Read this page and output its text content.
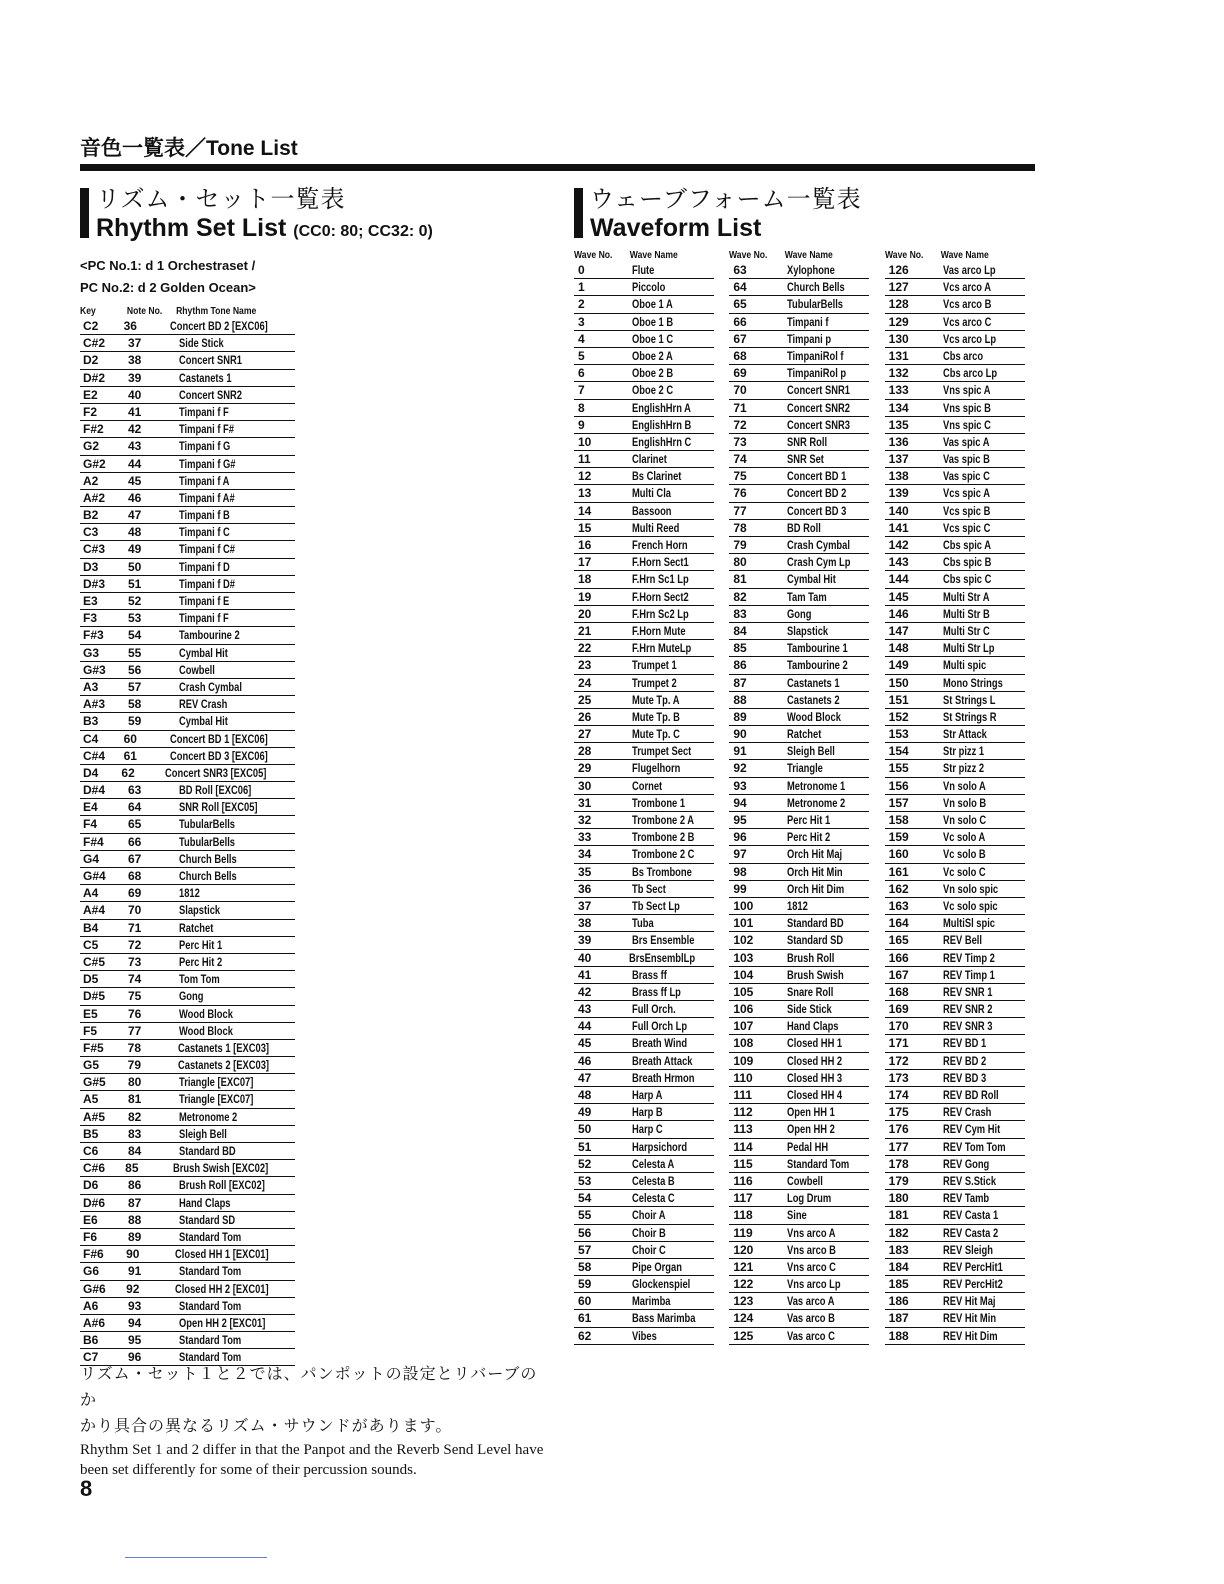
音色一覧表／Tone List
リズム・セット一覧表
Rhythm Set List (CC0: 80; CC32: 0)
<PC No.1: d 1 Orchestraset /
PC No.2: d 2 Golden Ocean>
Key	Note No.	Rhythm Tone Name
C2	36	Concert BD 2 [EXC06]
C#2	37	Side Stick
D2	38	Concert SNR1
D#2	39	Castanets 1
E2	40	Concert SNR2
F2	41	Timpani f F
F#2	42	Timpani f F#
G2	43	Timpani f G
G#2	44	Timpani f G#
A2	45	Timpani f A
A#2	46	Timpani f A#
B2	47	Timpani f B
C3	48	Timpani f C
C#3	49	Timpani f C#
D3	50	Timpani f D
D#3	51	Timpani f D#
E3	52	Timpani f E
F3	53	Timpani f F
F#3	54	Tambourine 2
G3	55	Cymbal Hit
G#3	56	Cowbell
A3	57	Crash Cymbal
A#3	58	REV Crash
B3	59	Cymbal Hit
C4	60	Concert BD 1 [EXC06]
C#4	61	Concert BD 3 [EXC06]
D4	62	Concert SNR3 [EXC05]
D#4	63	BD Roll [EXC06]
E4	64	SNR Roll [EXC05]
F4	65	TubularBells
F#4	66	TubularBells
G4	67	Church Bells
G#4	68	Church Bells
A4	69	1812
A#4	70	Slapstick
B4	71	Ratchet
C5	72	Perc Hit 1
C#5	73	Perc Hit 2
D5	74	Tom Tom
D#5	75	Gong
E5	76	Wood Block
F5	77	Wood Block
F#5	78	Castanets 1 [EXC03]
G5	79	Castanets 2 [EXC03]
G#5	80	Triangle [EXC07]
A5	81	Triangle [EXC07]
A#5	82	Metronome 2
B5	83	Sleigh Bell
C6	84	Standard BD
C#6	85	Brush Swish [EXC02]
D6	86	Brush Roll [EXC02]
D#6	87	Hand Claps
E6	88	Standard SD
F6	89	Standard Tom
F#6	90	Closed HH 1 [EXC01]
G6	91	Standard Tom
G#6	92	Closed HH 2 [EXC01]
A6	93	Standard Tom
A#6	94	Open HH 2 [EXC01]
B6	95	Standard Tom
C7	96	Standard Tom
ウェーブフォーム一覧表
Waveform List
Wave No.	Wave Name
0	Flute
1	Piccolo
2	Oboe 1 A
3	Oboe 1 B
4	Oboe 1 C
5	Oboe 2 A
6	Oboe 2 B
7	Oboe 2 C
8	EnglishHrn A
9	EnglishHrn B
10	EnglishHrn C
11	Clarinet
12	Bs Clarinet
13	Multi Cla
14	Bassoon
15	Multi Reed
16	French Horn
17	F.Horn Sect1
18	F.Hrn Sc1 Lp
19	F.Horn Sect2
20	F.Hrn Sc2 Lp
21	F.Horn Mute
22	F.Hrn MuteLp
23	Trumpet 1
24	Trumpet 2
25	Mute Tp. A
26	Mute Tp. B
27	Mute Tp. C
28	Trumpet Sect
29	Flugelhorn
30	Cornet
31	Trombone 1
32	Trombone 2 A
33	Trombone 2 B
34	Trombone 2 C
35	Bs Trombone
36	Tb Sect
37	Tb Sect Lp
38	Tuba
39	Brs Ensemble
40	BrsEnsemblLp
41	Brass ff
42	Brass ff Lp
43	Full Orch.
44	Full Orch Lp
45	Breath Wind
46	Breath Attack
47	Breath Hrmon
48	Harp A
49	Harp B
50	Harp C
51	Harpsichord
52	Celesta A
53	Celesta B
54	Celesta C
55	Choir A
56	Choir B
57	Choir C
58	Pipe Organ
59	Glockenspiel
60	Marimba
61	Bass Marimba
62	Vibes
Wave No.	Wave Name
63	Xylophone
64	Church Bells
65	TubularBells
66	Timpani f
67	Timpani p
68	TimpaniRol f
69	TimpaniRol p
70	Concert SNR1
71	Concert SNR2
72	Concert SNR3
73	SNR Roll
74	SNR Set
75	Concert BD 1
76	Concert BD 2
77	Concert BD 3
78	BD Roll
79	Crash Cymbal
80	Crash Cym Lp
81	Cymbal Hit
82	Tam Tam
83	Gong
84	Slapstick
85	Tambourine 1
86	Tambourine 2
87	Castanets 1
88	Castanets 2
89	Wood Block
90	Ratchet
91	Sleigh Bell
92	Triangle
93	Metronome 1
94	Metronome 2
95	Perc Hit 1
96	Perc Hit 2
97	Orch Hit Maj
98	Orch Hit Min
99	Orch Hit Dim
100	1812
101	Standard BD
102	Standard SD
103	Brush Roll
104	Brush Swish
105	Snare Roll
106	Side Stick
107	Hand Claps
108	Closed HH 1
109	Closed HH 2
110	Closed HH 3
111	Closed HH 4
112	Open HH 1
113	Open HH 2
114	Pedal HH
115	Standard Tom
116	Cowbell
117	Log Drum
118	Sine
119	Vns arco A
120	Vns arco B
121	Vns arco C
122	Vns arco Lp
123	Vas arco A
124	Vas arco B
125	Vas arco C
Wave No.	Wave Name
126	Vas arco Lp
127	Vcs arco A
128	Vcs arco B
129	Vcs arco C
130	Vcs arco Lp
131	Cbs arco
132	Cbs arco Lp
133	Vns spic A
134	Vns spic B
135	Vns spic C
136	Vas spic A
137	Vas spic B
138	Vas spic C
139	Vcs spic A
140	Vcs spic B
141	Vcs spic C
142	Cbs spic A
143	Cbs spic B
144	Cbs spic C
145	Multi Str A
146	Multi Str B
147	Multi Str C
148	Multi Str Lp
149	Multi spic
150	Mono Strings
151	St Strings L
152	St Strings R
153	Str Attack
154	Str pizz 1
155	Str pizz 2
156	Vn solo A
157	Vn solo B
158	Vn solo C
159	Vc solo A
160	Vc solo B
161	Vc solo C
162	Vn solo spic
163	Vc solo spic
164	MultiSl spic
165	REV Bell
166	REV Timp 2
167	REV Timp 1
168	REV SNR 1
169	REV SNR 2
170	REV SNR 3
171	REV BD 1
172	REV BD 2
173	REV BD 3
174	REV BD Roll
175	REV Crash
176	REV Cym Hit
177	REV Tom Tom
178	REV Gong
179	REV S.Stick
180	REV Tamb
181	REV Casta 1
182	REV Casta 2
183	REV Sleigh
184	REV PercHit1
185	REV PercHit2
186	REV Hit Maj
187	REV Hit Min
188	REV Hit Dim
リズム・セット１と２では、パンポットの設定とリバーブのか
かり具合の異なるリズム・サウンドがあります。
Rhythm Set 1 and 2 differ in that the Panpot and the Reverb Send Level have been set differently for some of their percussion sounds.
8
